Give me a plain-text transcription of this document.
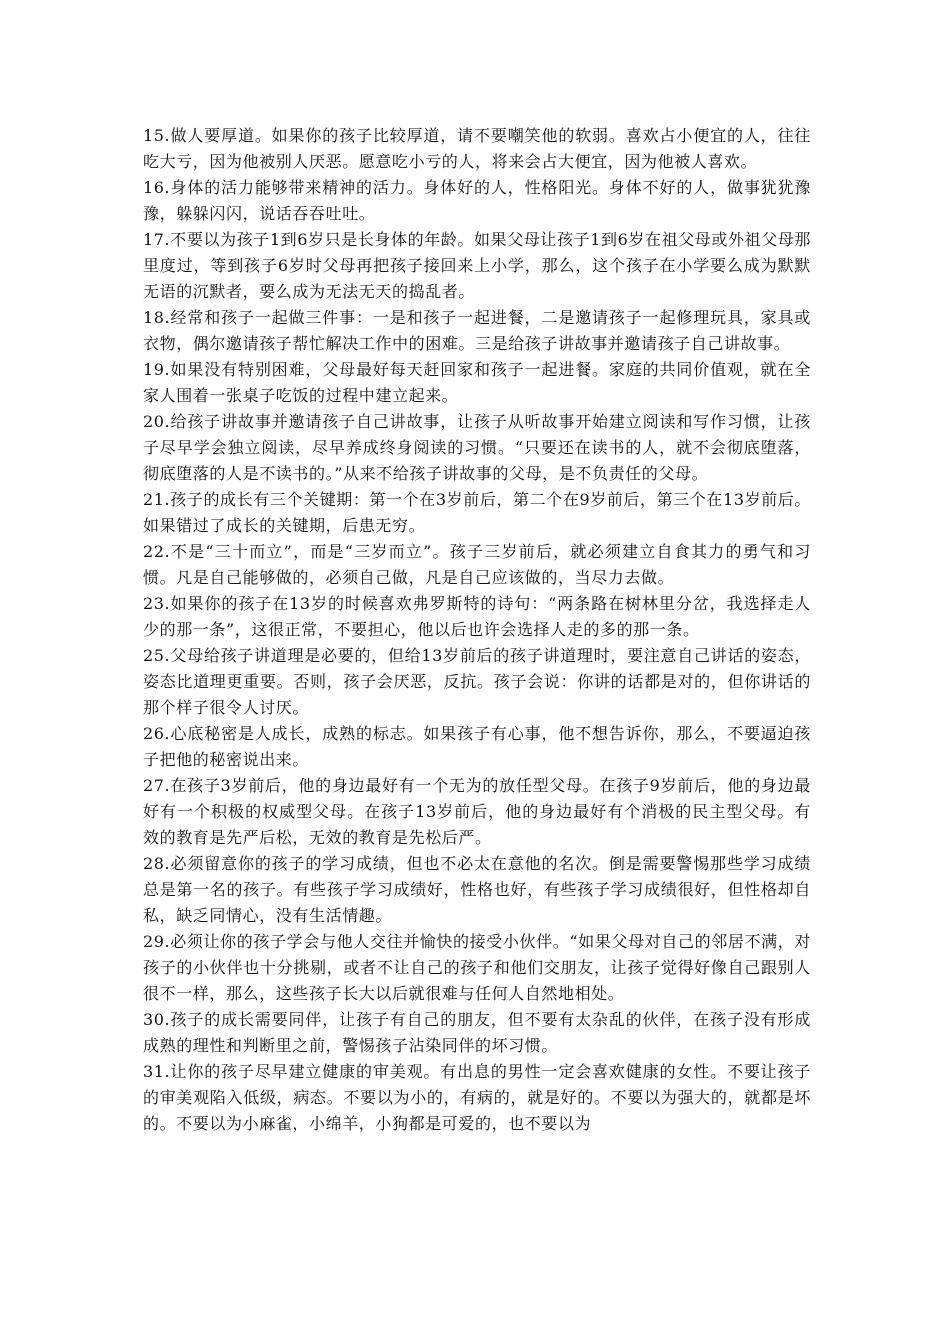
15.做人要厚道。如果你的孩子比较厚道，请不要嘲笑他的软弱。喜欢占小便宜的人，往往吃大亏，因为他被别人厌恶。愿意吃小亏的人，将来会占大便宜，因为他被人喜欢。

16.身体的活力能够带来精神的活力。身体好的人，性格阳光。身体不好的人，做事犹犹豫豫，躲躲闪闪，说话吞吞吐吐。

17.不要以为孩子1到6岁只是长身体的年龄。如果父母让孩子1到6岁在祖父母或外祖父母那里度过，等到孩子6岁时父母再把孩子接回来上小学，那么，这个孩子在小学要么成为默默无语的沉默者，要么成为无法无天的捣乱者。

18.经常和孩子一起做三件事：一是和孩子一起进餐，二是邀请孩子一起修理玩具，家具或衣物，偶尔邀请孩子帮忙解决工作中的困难。三是给孩子讲故事并邀请孩子自己讲故事。

19.如果没有特别困难，父母最好每天赶回家和孩子一起进餐。家庭的共同价值观，就在全家人围着一张桌子吃饭的过程中建立起来。

20.给孩子讲故事并邀请孩子自己讲故事，让孩子从听故事开始建立阅读和写作习惯，让孩子尽早学会独立阅读，尽早养成终身阅读的习惯。“只要还在读书的人，就不会彻底堕落，彻底堕落的人是不读书的。”从来不给孩子讲故事的父母，是不负责任的父母。

21.孩子的成长有三个关键期：第一个在3岁前后，第二个在9岁前后，第三个在13岁前后。如果错过了成长的关键期，后患无穷。

22.不是“三十而立”，而是“三岁而立”。孩子三岁前后，就必须建立自食其力的勇气和习惯。凡是自己能够做的，必须自己做，凡是自己应该做的，当尽力去做。

23.如果你的孩子在13岁的时候喜欢弗罗斯特的诗句：“两条路在树林里分岔，我选择走人少的那一条”，这很正常，不要担心，他以后也许会选择人走的多的那一条。

25.父母给孩子讲道理是必要的，但给13岁前后的孩子讲道理时，要注意自己讲话的姿态，姿态比道理更重要。否则，孩子会厌恶，反抗。孩子会说：你讲的话都是对的，但你讲话的那个样子很令人讨厌。

26.心底秘密是人成长，成熟的标志。如果孩子有心事，他不想告诉你，那么，不要逼迫孩子把他的秘密说出来。

27.在孩子3岁前后，他的身边最好有一个无为的放任型父母。在孩子9岁前后，他的身边最好有一个积极的权威型父母。在孩子13岁前后，他的身边最好有个消极的民主型父母。有效的教育是先严后松，无效的教育是先松后严。

28.必须留意你的孩子的学习成绩，但也不必太在意他的名次。倒是需要警惕那些学习成绩总是第一名的孩子。有些孩子学习成绩好，性格也好，有些孩子学习成绩很好，但性格却自私，缺乏同情心，没有生活情趣。

29.必须让你的孩子学会与他人交往并愉快的接受小伙伴。“如果父母对自己的邻居不满，对孩子的小伙伴也十分挑剔，或者不让自己的孩子和他们交朋友，让孩子觉得好像自己跟别人很不一样，那么，这些孩子长大以后就很难与任何人自然地相处。

30.孩子的成长需要同伴，让孩子有自己的朋友，但不要有太杂乱的伙伴，在孩子没有形成成熟的理性和判断里之前，警惕孩子沾染同伴的坏习惯。

31.让你的孩子尽早建立健康的审美观。有出息的男性一定会喜欢健康的女性。不要让孩子的审美观陷入低级，病态。不要以为小的，有病的，就是好的。不要以为强大的，就都是坏的。不要以为小麻雀，小绵羊，小狗都是可爱的，也不要以为
